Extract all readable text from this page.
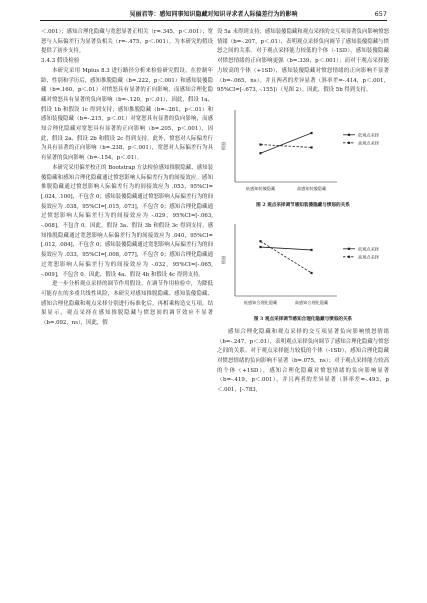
吴丽君等：感知同事知识隐藏对知识寻求者人际偏差行为的影响	657

＜.001）；感知合理化隐藏与宽恕显著正相关（r=.345，p＜.001）；宽恕与人际偏差行为显著负相关（r=-.475，p＜.001）。为本研究的假设提供了初步支持。

3.4.3 假设检验

本研究采用 Mplus 8.3 进行路径分析来检验研究假设。在控制年龄、性别和学历后，感知推脱隐藏（b=.222，p＜.001）和感知装傻隐藏（b=.160，p＜.01）对愤怒具有显著的正向影响，而感知合理化隐藏对愤怒具有显著的负向影响（b=-.120，p＜.01），因此，假设 1a、假设 1b 和假设 1c 得到支持；感知推脱隐藏（b=-.261，p＜.01）和感知装傻隐藏（b=-.215，p＜.01）对宽恕具有显著的负向影响，而感知合理化隐藏对宽恕具有显著的正向影响（b=.205，p＜.001），因此，假设 2a、假设 2b 和假设 2c 得到支持。此外，愤怒对人际偏差行为具有显著的正向影响（b=.238，p＜.001），宽恕对人际偏差行为具有显著的负向影响（b=-.154，p＜.01）。

本研究采用偏差校正的 Bootstrap 方法检验感知推脱隐藏、感知装傻隐藏和感知合理化隐藏通过愤怒影响人际偏差行为的间接效应。感知推脱隐藏通过愤怒影响人际偏差行为的间接效应为 .053，95%CI=[.024, .100]，不包含 0；感知装傻隐藏通过愤怒影响人际偏差行为的间接效应为 .038，95%CI=[.015, .073]，不包含 0；感知合理化隐藏通过愤怒影响人际偏差行为的间接效应为 -.029，95%CI=[-.063, -.008]，不包含 0。因此，假设 3a、假设 3b 和假设 3c 得到支持。感知推脱隐藏通过宽恕影响人际偏差行为的间接效应为 .040，95%CI=[.012, .084]，不包含 0；感知装傻隐藏通过宽恕影响人际偏差行为的间接效应为 .033，95%CI=[.008, .077]，不包含 0；感知合理化隐藏通过宽恕影响人际偏差行为的间接效应为 -.032，95%CI=[-.065, -.009]，不包含 0。因此，假设 4a、假设 4b 和假设 4c 得到支持。

进一步分析观点采择的调节作用假设。在调节作用检验中，为降低可能存在的多重共线性风险，本研究对感知推脱隐藏、感知装傻隐藏、感知合理化隐藏和观点采择分别进行标准化后，再相乘构造交互项。结果显示，观点采择在感知推脱隐藏与愤怒间的调节效应不显著（b=.092，ns），因此，假

设 5a 未得到支持；感知装傻隐藏和观点采择的交互项显著负向影响愤怒情绪（b=-.207，p＜.01），表明观点采择负向调节了感知装傻隐藏与愤怒之间的关系。对于观点采择能力较低的个体（-1SD），感知装傻隐藏对愤怒情绪的正向影响更强（b=.339，p＜.001）；而对于观点采择能力较高的个体（+1SD），感知装傻隐藏对愤怒情绪的正向影响不显著（b=-.065，ns）。并且两者的差异显著（斜率差=-.414，p＜.001，95%CI=[-.673, -.155]）（见图 2）。因此，假设 5b 得到支持。

愤怒
低感知装傻隐藏	高感知装傻隐藏
低观点采择
高观点采择
图 2 观点采择调节感知装傻隐藏与愤怒的关系
愤怒
低感知合理化隐藏	高感知合理化隐藏
低观点采择
高观点采择
图 3 观点采择调节感知合理化隐藏与愤怒的关系

感知合理化隐藏和观点采择的交互项显著负向影响愤怒情绪（b=-.247，p＜.01），表明观点采择负向调节了感知合理化隐藏与愤怒之间的关系。对于观点采择能力较低的个体（-1SD），感知合理化隐藏对愤怒情绪的负向影响不显著（b=.075，ns）；对于观点采择能力较高的个体（+1SD），感知合理化隐藏对愤怒情绪的负向影响显著（b=-.419，p＜.001）。并且两者的差异显著（斜率差=-.493，p＜.001，[-.783,
